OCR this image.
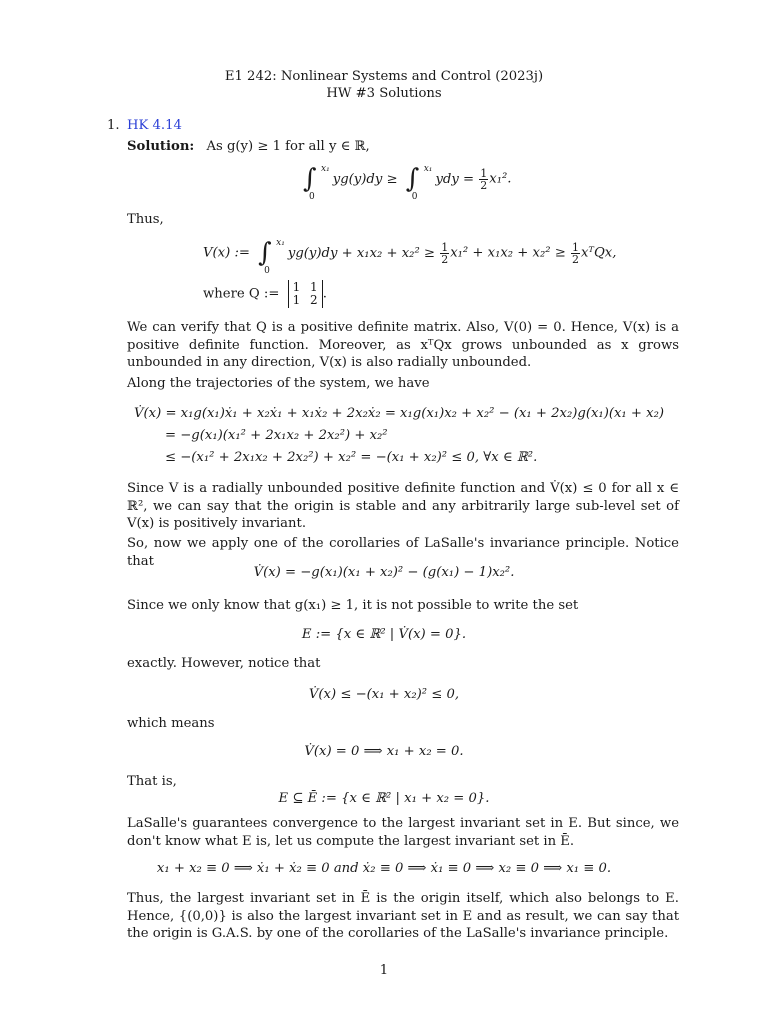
E1 242: Nonlinear Systems and Control (2023j)
HW #3 Solutions
1. HK 4.14
Solution: As g(y) ≥ 1 for all y ∈ ℝ,
∫ x₁
0
yg(y)dy ≥ ∫ x₁
0
ydy = $\frac{1}{2} x_1^2$.
Thus,
V(x) := ∫ x₁
0
$yg(y)dy + x_1x_2 + x_2^2 \ge \frac{1}{2} x_1^2 + x_1x_2 + x_2^2 \ge \frac{1}{2}$ xᵀQx,
where Q := 1 1
1 2 .
We can verify that Q is a positive definite matrix. Also, V(0) = 0. Hence, V(x) is a positive definite function. Moreover, as xᵀQx grows unbounded as x grows unbounded in any direction, V(x) is also radially unbounded.
Along the trajectories of the system, we have
V̇(x) = x₁g(x₁)ẋ₁ + x₂ẋ₁ + x₁ẋ₂ + 2x₂ẋ₂ = x₁g(x₁)x₂ + x₂² − (x₁ + 2x₂)g(x₁)(x₁ + x₂)
= −g(x₁)(x₁² + 2x₁x₂ + 2x₂²) + x₂²
≤ −(x₁² + 2x₁x₂ + 2x₂²) + x₂² = −(x₁ + x₂)² ≤ 0, ∀x ∈ ℝ².
Since V is a radially unbounded positive definite function and V̇(x) ≤ 0 for all x ∈ ℝ², we can say that the origin is stable and any arbitrarily large sub-level set of V(x) is positively invariant.
So, now we apply one of the corollaries of LaSalle's invariance principle. Notice that
V̇(x) = −g(x₁)(x₁ + x₂)² − (g(x₁) − 1)x₂².
Since we only know that g(x₁) ≥ 1, it is not possible to write the set
E := {x ∈ ℝ² | V̇(x) = 0}.
exactly. However, notice that
V̇(x) ≤ −(x₁ + x₂)² ≤ 0,
which means
V̇(x) = 0 ⟹ x₁ + x₂ = 0.
That is,
E ⊆ Ē := {x ∈ ℝ² | x₁ + x₂ = 0}.
LaSalle's guarantees convergence to the largest invariant set in E. But since, we don't know what E is, let us compute the largest invariant set in Ē.
x₁ + x₂ ≡ 0 ⟹ ẋ₁ + ẋ₂ ≡ 0 and ẋ₂ ≡ 0 ⟹ ẋ₁ ≡ 0 ⟹ x₂ ≡ 0 ⟹ x₁ ≡ 0.
Thus, the largest invariant set in Ē is the origin itself, which also belongs to E. Hence, {(0,0)} is also the largest invariant set in E and as result, we can say that the origin is G.A.S. by one of the corollaries of the LaSalle's invariance principle.
1
